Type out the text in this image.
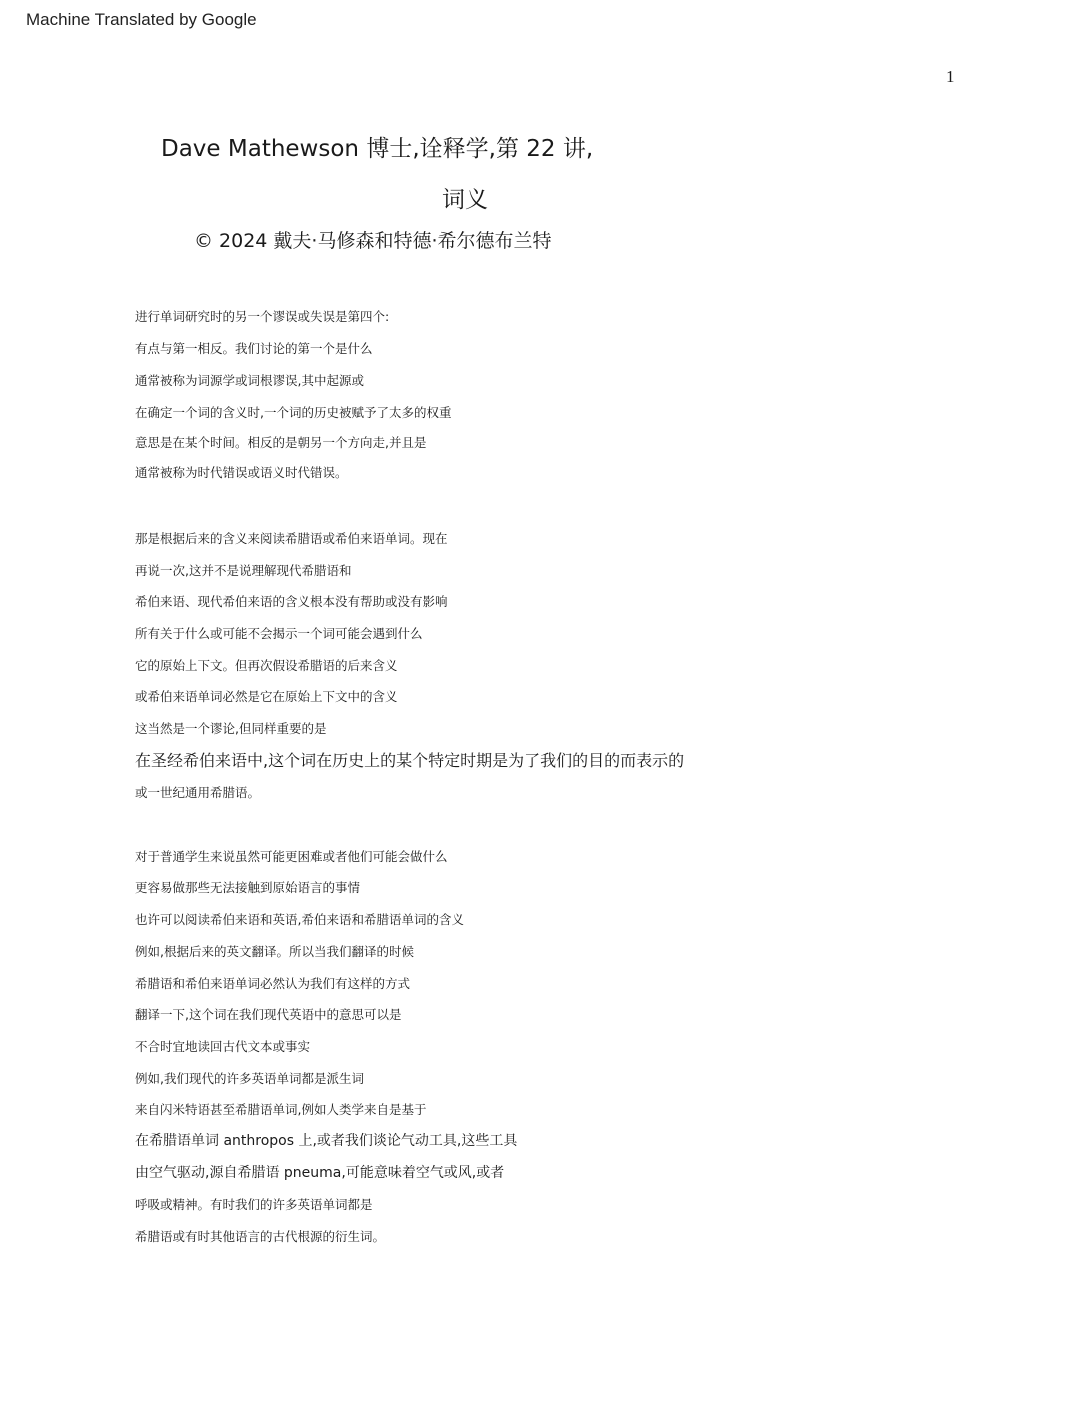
Machine Translated by Google
1
Dave Mathewson 博士,诠释学,第 22 讲,
词义
© 2024 戴夫·马修森和特德·希尔德布兰特
进行单词研究时的另一个谬误或失误是第四个:
有点与第一相反。我们讨论的第一个是什么
通常被称为词源学或词根谬误,其中起源或
在确定一个词的含义时,一个词的历史被赋予了太多的权重
意思是在某个时间。相反的是朝另一个方向走,并且是
通常被称为时代错误或语义时代错误。
那是根据后来的含义来阅读希腊语或希伯来语单词。现在
再说一次,这并不是说理解现代希腊语和
希伯来语、现代希伯来语的含义根本没有帮助或没有影响
所有关于什么或可能不会揭示一个词可能会遇到什么
它的原始上下文。但再次假设希腊语的后来含义
或希伯来语单词必然是它在原始上下文中的含义
这当然是一个谬论,但同样重要的是
在圣经希伯来语中,这个词在历史上的某个特定时期是为了我们的目的而表示的
或一世纪通用希腊语。
对于普通学生来说虽然可能更困难或者他们可能会做什么
更容易做那些无法接触到原始语言的事情
也许可以阅读希伯来语和英语,希伯来语和希腊语单词的含义
例如,根据后来的英文翻译。所以当我们翻译的时候
希腊语和希伯来语单词必然认为我们有这样的方式
翻译一下,这个词在我们现代英语中的意思可以是
不合时宜地读回古代文本或事实
例如,我们现代的许多英语单词都是派生词
来自闪米特语甚至希腊语单词,例如人类学来自是基于
在希腊语单词 anthropos 上,或者我们谈论气动工具,这些工具
由空气驱动,源自希腊语 pneuma,可能意味着空气或风,或者
呼吸或精神。有时我们的许多英语单词都是
希腊语或有时其他语言的古代根源的衍生词。
